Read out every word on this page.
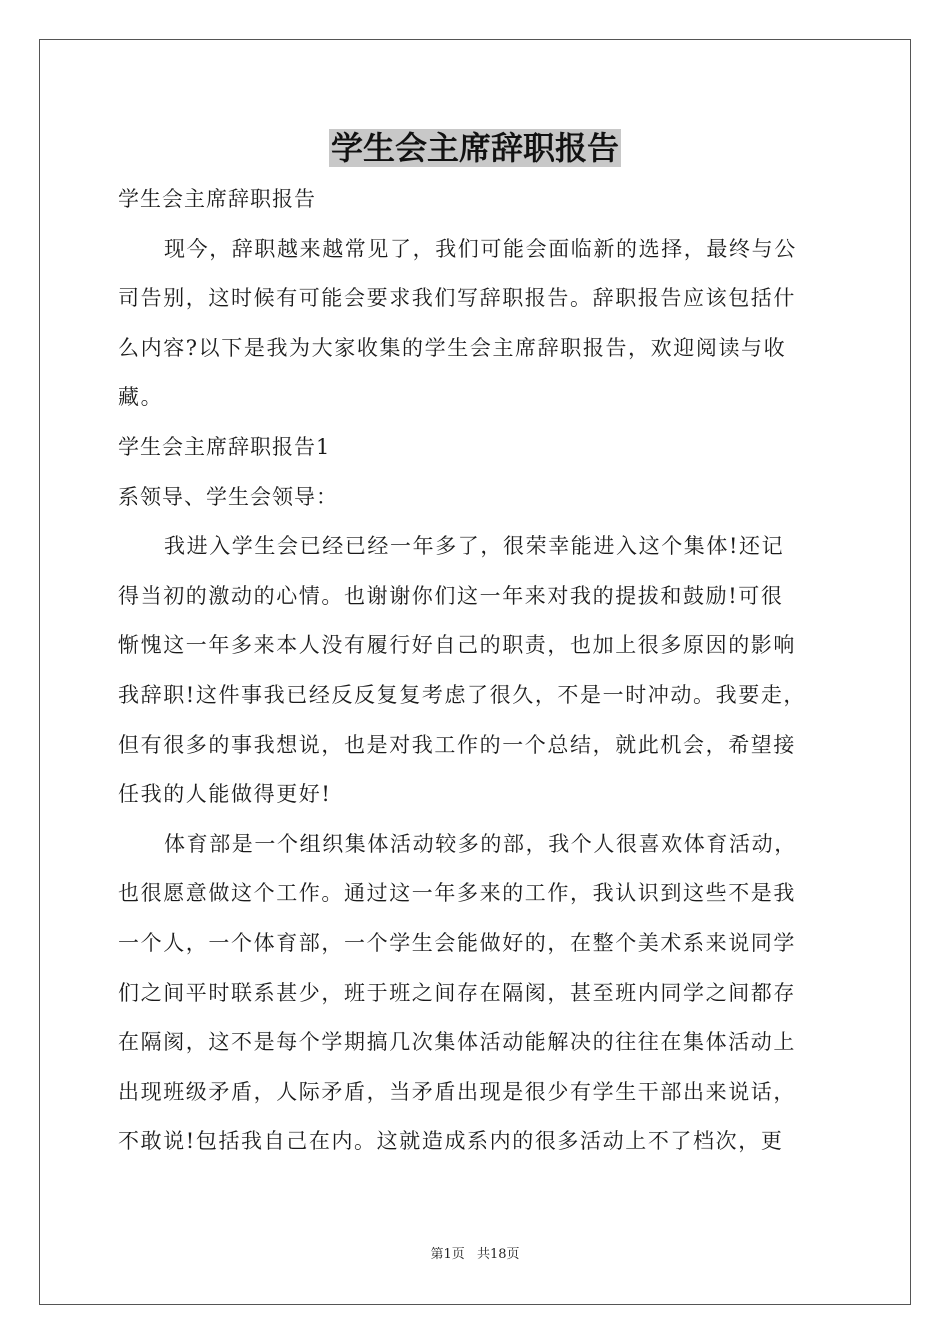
学生会主席辞职报告

学生会主席辞职报告

现今，辞职越来越常见了，我们可能会面临新的选择，最终与公

司告别，这时候有可能会要求我们写辞职报告。辞职报告应该包括什

么内容?以下是我为大家收集的学生会主席辞职报告，欢迎阅读与收

藏。

学生会主席辞职报告1

系领导、学生会领导：

我进入学生会已经已经一年多了，很荣幸能进入这个集体!还记

得当初的激动的心情。也谢谢你们这一年来对我的提拔和鼓励!可很

惭愧这一年多来本人没有履行好自己的职责，也加上很多原因的影响

我辞职!这件事我已经反反复复考虑了很久，不是一时冲动。我要走，

但有很多的事我想说，也是对我工作的一个总结，就此机会，希望接

任我的人能做得更好!

体育部是一个组织集体活动较多的部，我个人很喜欢体育活动，

也很愿意做这个工作。通过这一年多来的工作，我认识到这些不是我

一个人，一个体育部，一个学生会能做好的，在整个美术系来说同学

们之间平时联系甚少，班于班之间存在隔阂，甚至班内同学之间都存

在隔阂，这不是每个学期搞几次集体活动能解决的往往在集体活动上

出现班级矛盾，人际矛盾，当矛盾出现是很少有学生干部出来说话，

不敢说!包括我自己在内。这就造成系内的很多活动上不了档次，更

第1页 共18页
